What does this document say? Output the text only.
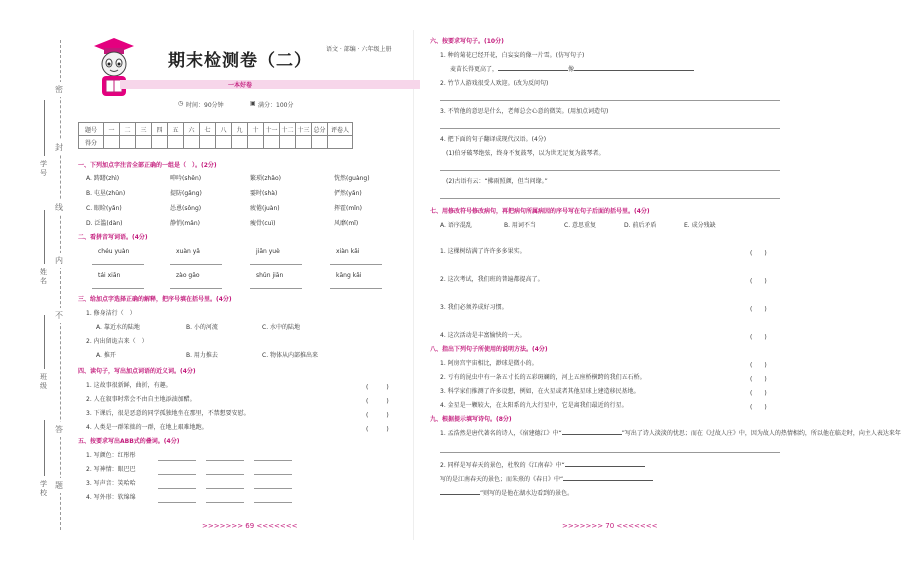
密
封
线
内
不
答
题
学号
姓名
班级
学校
语文 · 部编 · 六年级上册
期末检测卷（二）
一本好卷
◷ 时间：90分钟	▣ 满分：100分
题号	一	二	三	四	五	六	七	八	九	十	十一	十二	十三	总分	评卷人
得分															
一、下列加点字注音全部正确的一组是（　）。(2分)
A. 踌躇(zhì)	呻吟(shēn)	繁琐(zhǎo)	恍然(guàng)
B. 屯垦(zhūn)	提防(gǎng)	霎时(shà)	俨然(yǎn)
C. 眼睑(yǎn)	怂恿(sǒng)	疲倦(juàn)	挥霍(mǐn)
D. 泛滥(dàn)	静悄(mǎn)	瘦骨(cuì)	风靡(mǐ)
二、看拼音写词语。(4分)
chéu yuàn	xuàn yǎ	jiān yuè	xiàn kǎi
tái xiān	zào gāo	shǔn jiān	kāng kǎi
三、给加点字选择正确的解释，把序号填在括号里。(4分)
1. 修身洁行（　）
A. 靠近水的陆地	B. 小的河流	C. 水中的陆地
2. 内出留诡吉来（　）
A. 推开	B. 用力推去	C. 物体从内部推出来
四、读句子，写出加点词语的近义词。(4分)
1. 这故事很新鲜，曲折，有趣。
2. 人在叙事时常会不由自主地添油加醋。
3. 下课后，很是恶意的同学孤独地坐在那里，不禁想要安慰。
4. 人类是一群笨拙的一群，在地上艰难地跑。
(　　　)
(　　　)
(　　　)
(　　　)
五、按要求写出ABB式的叠词。(4分)
1. 写颜色：红彤彤
2. 写神情：眼巴巴
3. 写声音：笑哈哈
4. 写外形：软绵绵
>>>>>>> 69 <<<<<<<
六、按要求写句子。(10分)
1. 种的菊花已经开花，白妄妄的像一片雪。(仿写句子)
麦苗长得更高了，	像
2. 竹节人游戏很受人欢迎。(改为反问句)
3. 不管他的意思是什么，老师总会心意的微笑。(用加点词造句)
4. 把下面的句子翻译成现代汉语。(4分)
(1)伯牙破琴绝弦，终身不复鼓琴，以为世无足复为鼓琴者。
(2)古语有云：“拂雨照颜，但当问缘。”
七、用修改符号修改病句，再把病句所属病因的序号写在句子后面的括号里。(4分)
A. 语序混乱	B. 用词不当	C. 意思重复	D. 前后矛盾	E. 成分残缺
1. 这棵树结满了许许多多果实。
2. 这次考试，我们班的普遍都提高了。
3. 我们必须养成好习惯。
4. 这次活动是丰富愉快的一天。
(　　)
(　　)
(　　)
(　　)
八、指出下列句子所使用的说明方法。(4分)
1. 阿房宫宇宙相比，渺球是微小的。
2. 亏有的昆虫中有一条五寸长的五彩斑斓的，河上五座桥横跨的我们五石桥。
3. 科学家们推测了许多设想，例如，在火星或者其他星球上建造移民基地。
4. 金星是一颗较大，在太阳系的九大行星中，它是离我们最近的行星。
(　　)
(　　)
(　　)
(　　)
九、根据提示填写诗句。(8分)
1. 孟浩然是唐代著名的诗人，《宿建德江》中“	”写出了诗人淡淡的忧思；而在《过故人庄》中，因为故人的热情相约，所以他在临走时，向主人表达来年
2. 同样是写春天的景色，杜牧的《江南春》中“
写的是江南春天的景色；而朱熹的《春日》中“
”则写的是他在湖水边看到的景色。
>>>>>>> 70 <<<<<<<
